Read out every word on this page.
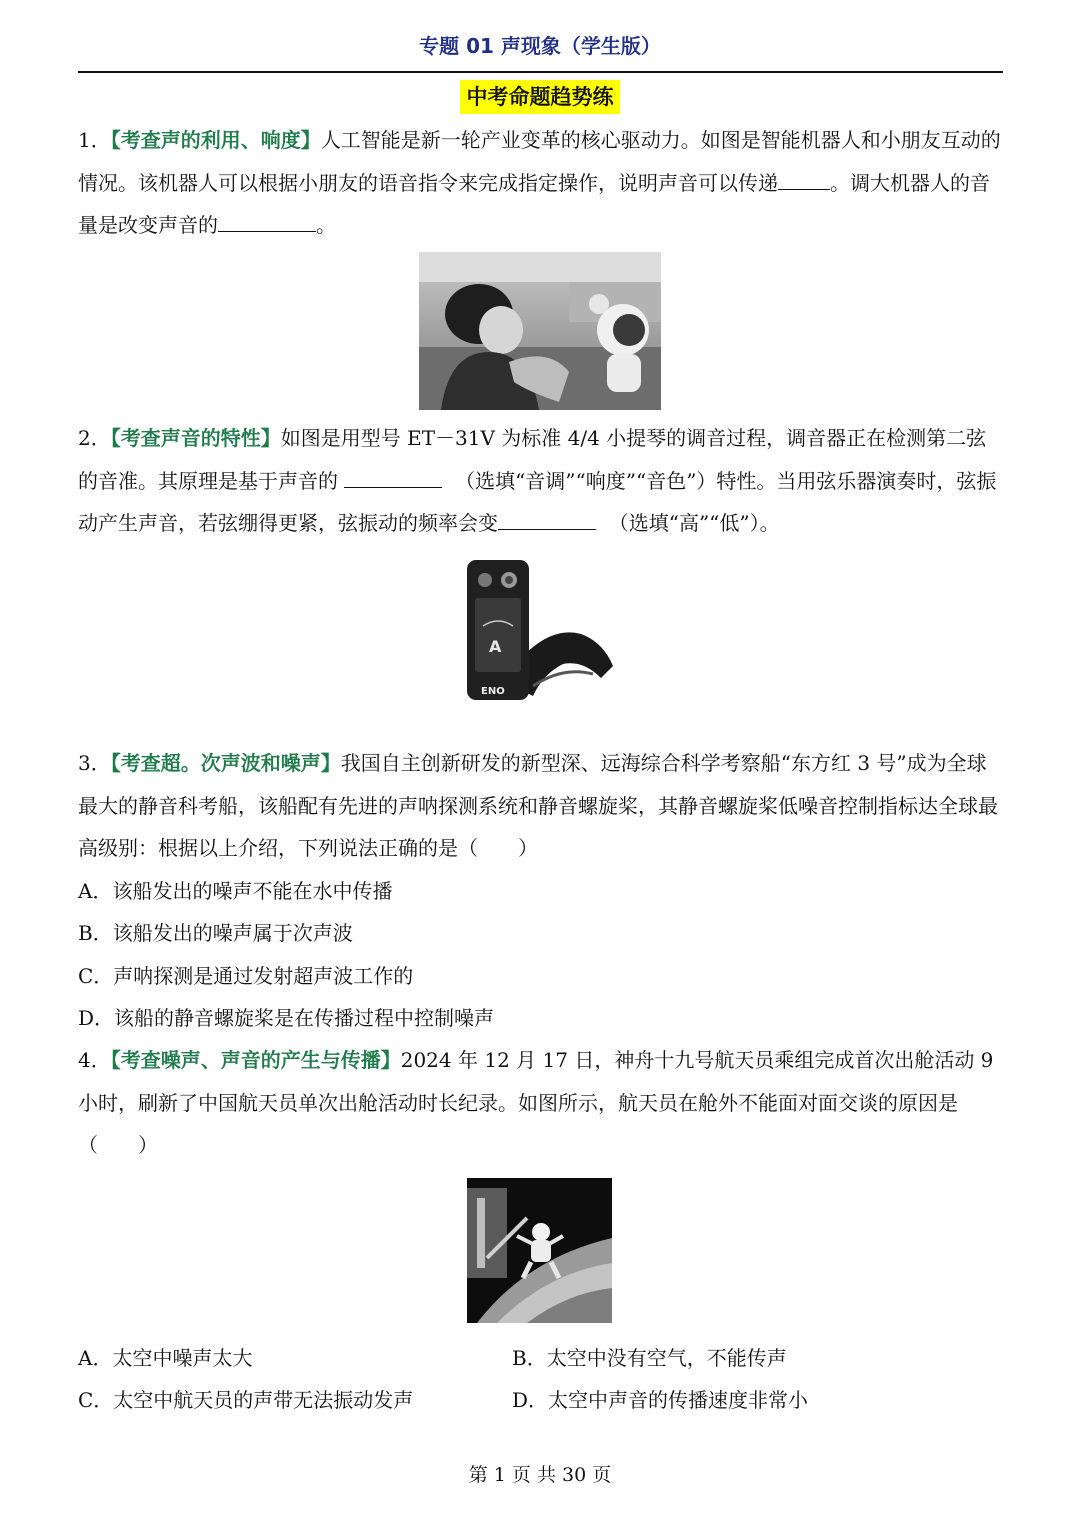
专题 01 声现象（学生版）
中考命题趋势练
1．【考查声的利用、响度】人工智能是新一轮产业变革的核心驱动力。如图是智能机器人和小朋友互动的情况。该机器人可以根据小朋友的语音指令来完成指定操作，说明声音可以传递	。调大机器人的音量是改变声音的	。
2．【考查声音的特性】如图是用型号 ET－31V 为标准 4/4 小提琴的调音过程，调音器正在检测第二弦的音准。其原理是基于声音的	（选填“音调”“响度”“音色”）特性。当用弦乐器演奏时，弦振动产生声音，若弦绷得更紧，弦振动的频率会变	（选填“高”“低”）。
A
ENO
3．【考查超。次声波和噪声】我国自主创新研发的新型深、远海综合科学考察船“东方红 3 号”成为全球最大的静音科考船，该船配有先进的声呐探测系统和静音螺旋桨，其静音螺旋桨低噪音控制指标达全球最高级别：根据以上介绍，下列说法正确的是（　　）
A．该船发出的噪声不能在水中传播
B．该船发出的噪声属于次声波
C．声呐探测是通过发射超声波工作的
D．该船的静音螺旋桨是在传播过程中控制噪声
4．【考查噪声、声音的产生与传播】2024 年 12 月 17 日，神舟十九号航天员乘组完成首次出舱活动 9 小时，刷新了中国航天员单次出舱活动时长纪录。如图所示，航天员在舱外不能面对面交谈的原因是（　　）
A．太空中噪声太大	B．太空中没有空气，不能传声
C．太空中航天员的声带无法振动发声	D．太空中声音的传播速度非常小
第 1 页 共 30 页
